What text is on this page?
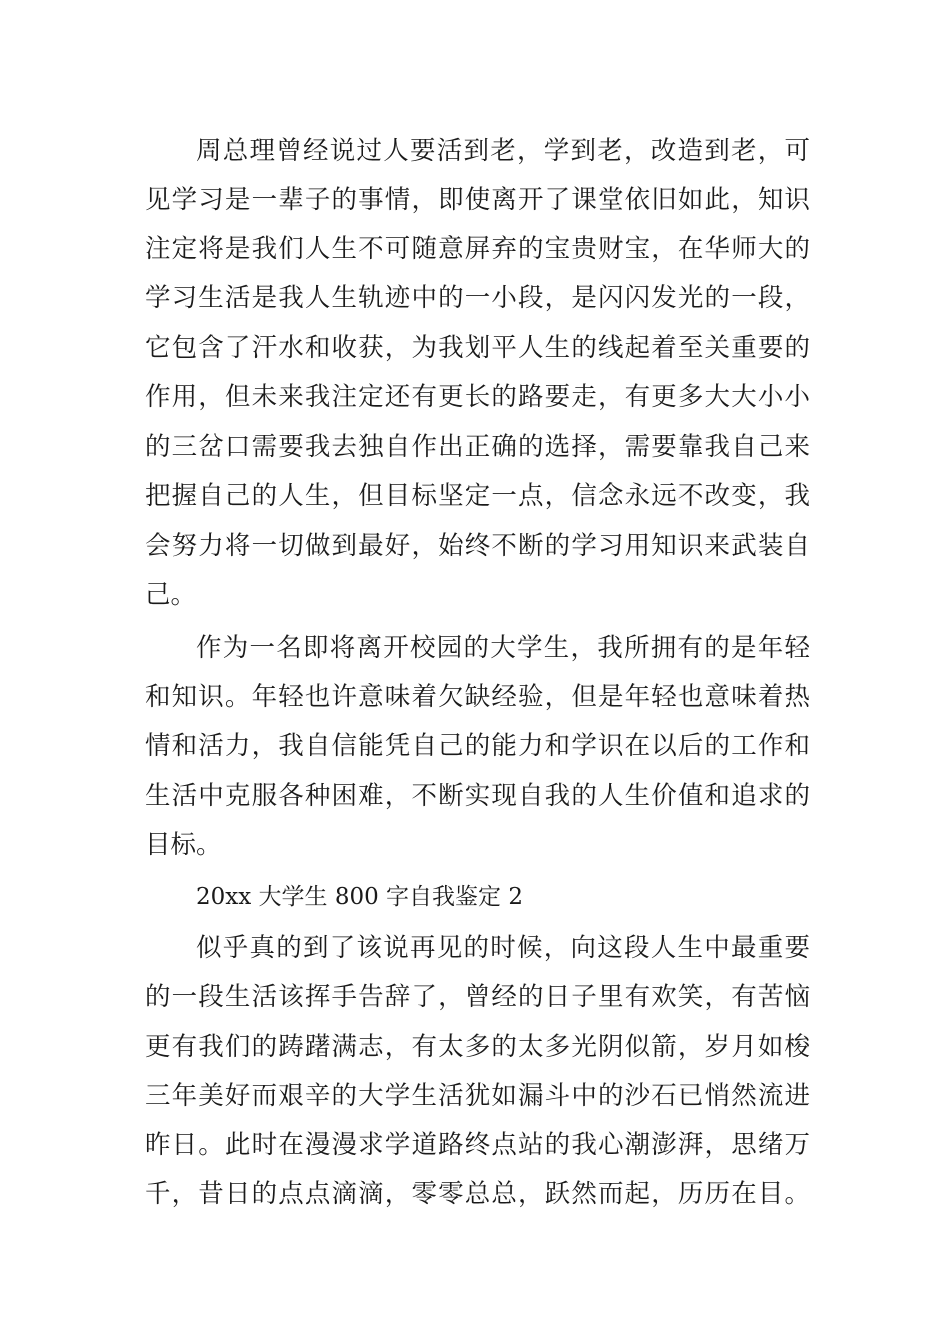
周总理曾经说过人要活到老，学到老，改造到老，可
见学习是一辈子的事情，即使离开了课堂依旧如此，知识
注定将是我们人生不可随意屏弃的宝贵财宝，在华师大的
学习生活是我人生轨迹中的一小段，是闪闪发光的一段，
它包含了汗水和收获，为我划平人生的线起着至关重要的
作用，但未来我注定还有更长的路要走，有更多大大小小
的三岔口需要我去独自作出正确的选择，需要靠我自己来
把握自己的人生，但目标坚定一点，信念永远不改变，我
会努力将一切做到最好，始终不断的学习用知识来武装自
己。
作为一名即将离开校园的大学生，我所拥有的是年轻
和知识。年轻也许意味着欠缺经验，但是年轻也意味着热
情和活力，我自信能凭自己的能力和学识在以后的工作和
生活中克服各种困难，不断实现自我的人生价值和追求的
目标。
20xx 大学生 800 字自我鉴定 2
似乎真的到了该说再见的时候，向这段人生中最重要
的一段生活该挥手告辞了，曾经的日子里有欢笑，有苦恼
更有我们的踌躇满志，有太多的太多光阴似箭，岁月如梭
三年美好而艰辛的大学生活犹如漏斗中的沙石已悄然流进
昨日。此时在漫漫求学道路终点站的我心潮澎湃，思绪万
千，昔日的点点滴滴，零零总总，跃然而起，历历在目。
